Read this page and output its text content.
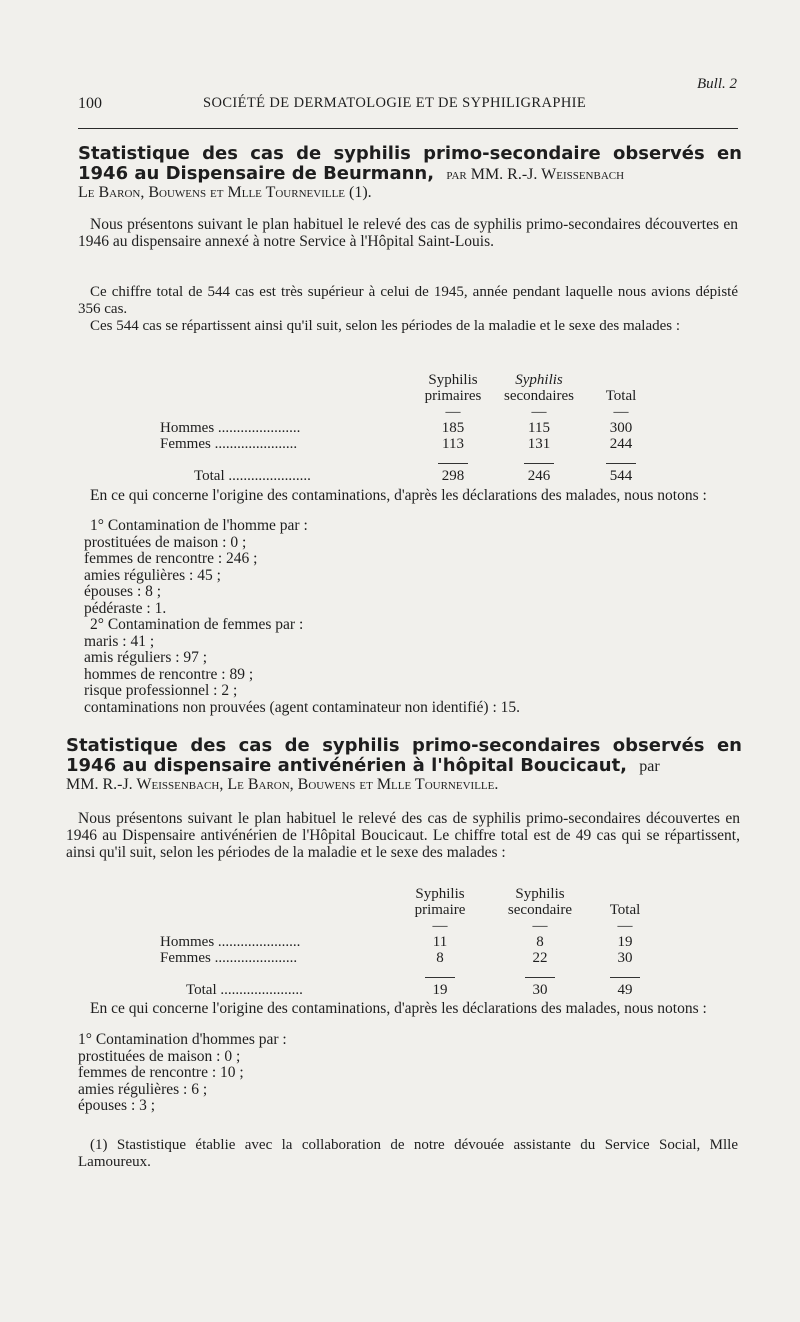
Bull. 2
100	SOCIÉTÉ DE DERMATOLOGIE ET DE SYPHILIGRAPHIE
Statistique des cas de syphilis primo-secondaire observés en
1946 au Dispensaire de Beurmann, par MM. R.-J. Weissenbach
Le Baron, Bouwens et Mlle Tourneville (1).

Nous présentons suivant le plan habituel le relevé des cas de syphilis primo-secondaires découvertes en 1946 au dispensaire annexé à notre Service à l'Hôpital Saint-Louis.

Ce chiffre total de 544 cas est très supérieur à celui de 1945, année pendant laquelle nous avions dépisté 356 cas.

Ces 544 cas se répartissent ainsi qu'il suit, selon les périodes de la maladie et le sexe des malades :

	Syphilis	Syphilis	
	primaires	secondaires	Total
	—	—	—
Hommes ......................	185	115	300
Femmes ......................	113	131	244

Total ......................	298	246	544

En ce qui concerne l'origine des contaminations, d'après les déclarations des malades, nous notons :

1° Contamination de l'homme par :
prostituées de maison : 0 ;
femmes de rencontre : 246 ;
amies régulières : 45 ;
épouses : 8 ;
pédéraste : 1.
2° Contamination de femmes par :
maris : 41 ;
amis réguliers : 97 ;
hommes de rencontre : 89 ;
risque professionnel : 2 ;
contaminations non prouvées (agent contaminateur non identifié) : 15.
Statistique des cas de syphilis primo-secondaires observés en
1946 au dispensaire antivénérien à l'hôpital Boucicaut, par
MM. R.-J. Weissenbach, Le Baron, Bouwens et Mlle Tourneville.

Nous présentons suivant le plan habituel le relevé des cas de syphilis primo-secondaires découvertes en 1946 au Dispensaire antivénérien de l'Hôpital Boucicaut. Le chiffre total est de 49 cas qui se répartissent, ainsi qu'il suit, selon les périodes de la maladie et le sexe des malades :

	Syphilis	Syphilis	
	primaire	secondaire	Total
	—	—	—
Hommes ......................	11	8	19
Femmes ......................	8	22	30

Total ......................	19	30	49

En ce qui concerne l'origine des contaminations, d'après les déclarations des malades, nous notons :

1° Contamination d'hommes par :
prostituées de maison : 0 ;
femmes de rencontre : 10 ;
amies régulières : 6 ;
épouses : 3 ;

(1) Stastistique établie avec la collaboration de notre dévouée assistante du Service Social, Mlle Lamoureux.
